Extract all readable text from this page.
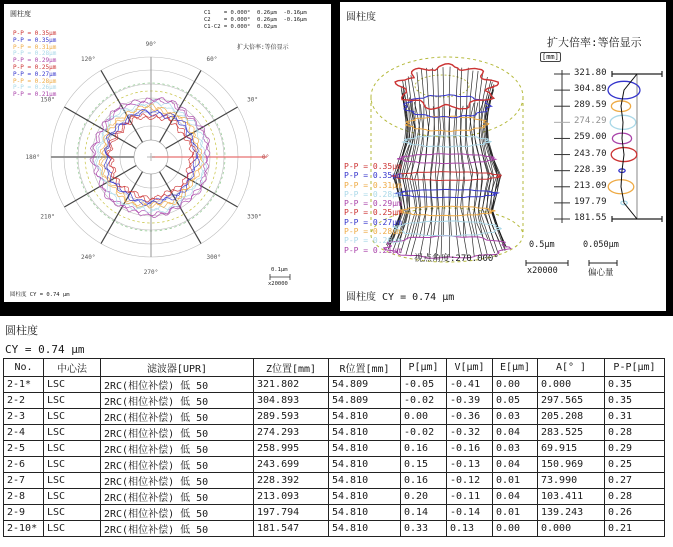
0°
30°
60°
90°
120°
150°
180°
210°
240°
270°
300°
330°
圆柱度	C1    = 0.000°  0.26µm  -0.16µm
C2    = 0.000°  0.26µm  -0.16µm
C1-C2 = 0.000°  0.02µm
扩大倍率:等倍显示
P-P = 0.35µm
P-P = 0.35µm
P-P = 0.31µm
P-P = 0.28µm
P-P = 0.29µm
P-P = 0.25µm
P-P = 0.27µm
P-P = 0.28µm
P-P = 0.26µm
P-P = 0.21µm
0.1µm
x20000
圆柱度 CY = 0.74 µm
圆柱度
扩大倍率:等倍显示
[mm]
P-P = 0.35µm
P-P = 0.35µm
P-P = 0.31µm
P-P = 0.28µm
P-P = 0.29µm
P-P = 0.25µm
P-P = 0.27µm
P-P = 0.28µm
P-P = 0.26µm
P-P = 0.21µm
视点角度:270.000°
0.5µm
x20000
0.050µm
偏心量
圆柱度 CY = 0.74 µm
321.80
304.89
289.59
274.29
259.00
243.70
228.39
213.09
197.79
181.55
圆柱度
CY = 0.74 µm
No.	中心法	滤波器[UPR]	Z位置[mm]	R位置[mm]	P[µm]	V[µm]	E[µm]	A[° ]	P-P[µm]
2-1*	LSC	2RC(相位补偿) 低 50	321.802	54.809	-0.05	-0.41	0.00	0.000	0.35
2-2	LSC	2RC(相位补偿) 低 50	304.893	54.809	-0.02	-0.39	0.05	297.565	0.35
2-3	LSC	2RC(相位补偿) 低 50	289.593	54.810	0.00	-0.36	0.03	205.208	0.31
2-4	LSC	2RC(相位补偿) 低 50	274.293	54.810	-0.02	-0.32	0.04	283.525	0.28
2-5	LSC	2RC(相位补偿) 低 50	258.995	54.810	0.16	-0.16	0.03	69.915	0.29
2-6	LSC	2RC(相位补偿) 低 50	243.699	54.810	0.15	-0.13	0.04	150.969	0.25
2-7	LSC	2RC(相位补偿) 低 50	228.392	54.810	0.16	-0.12	0.01	73.990	0.27
2-8	LSC	2RC(相位补偿) 低 50	213.093	54.810	0.20	-0.11	0.04	103.411	0.28
2-9	LSC	2RC(相位补偿) 低 50	197.794	54.810	0.14	-0.14	0.01	139.243	0.26
2-10*	LSC	2RC(相位补偿) 低 50	181.547	54.810	0.33	0.13	0.00	0.000	0.21
